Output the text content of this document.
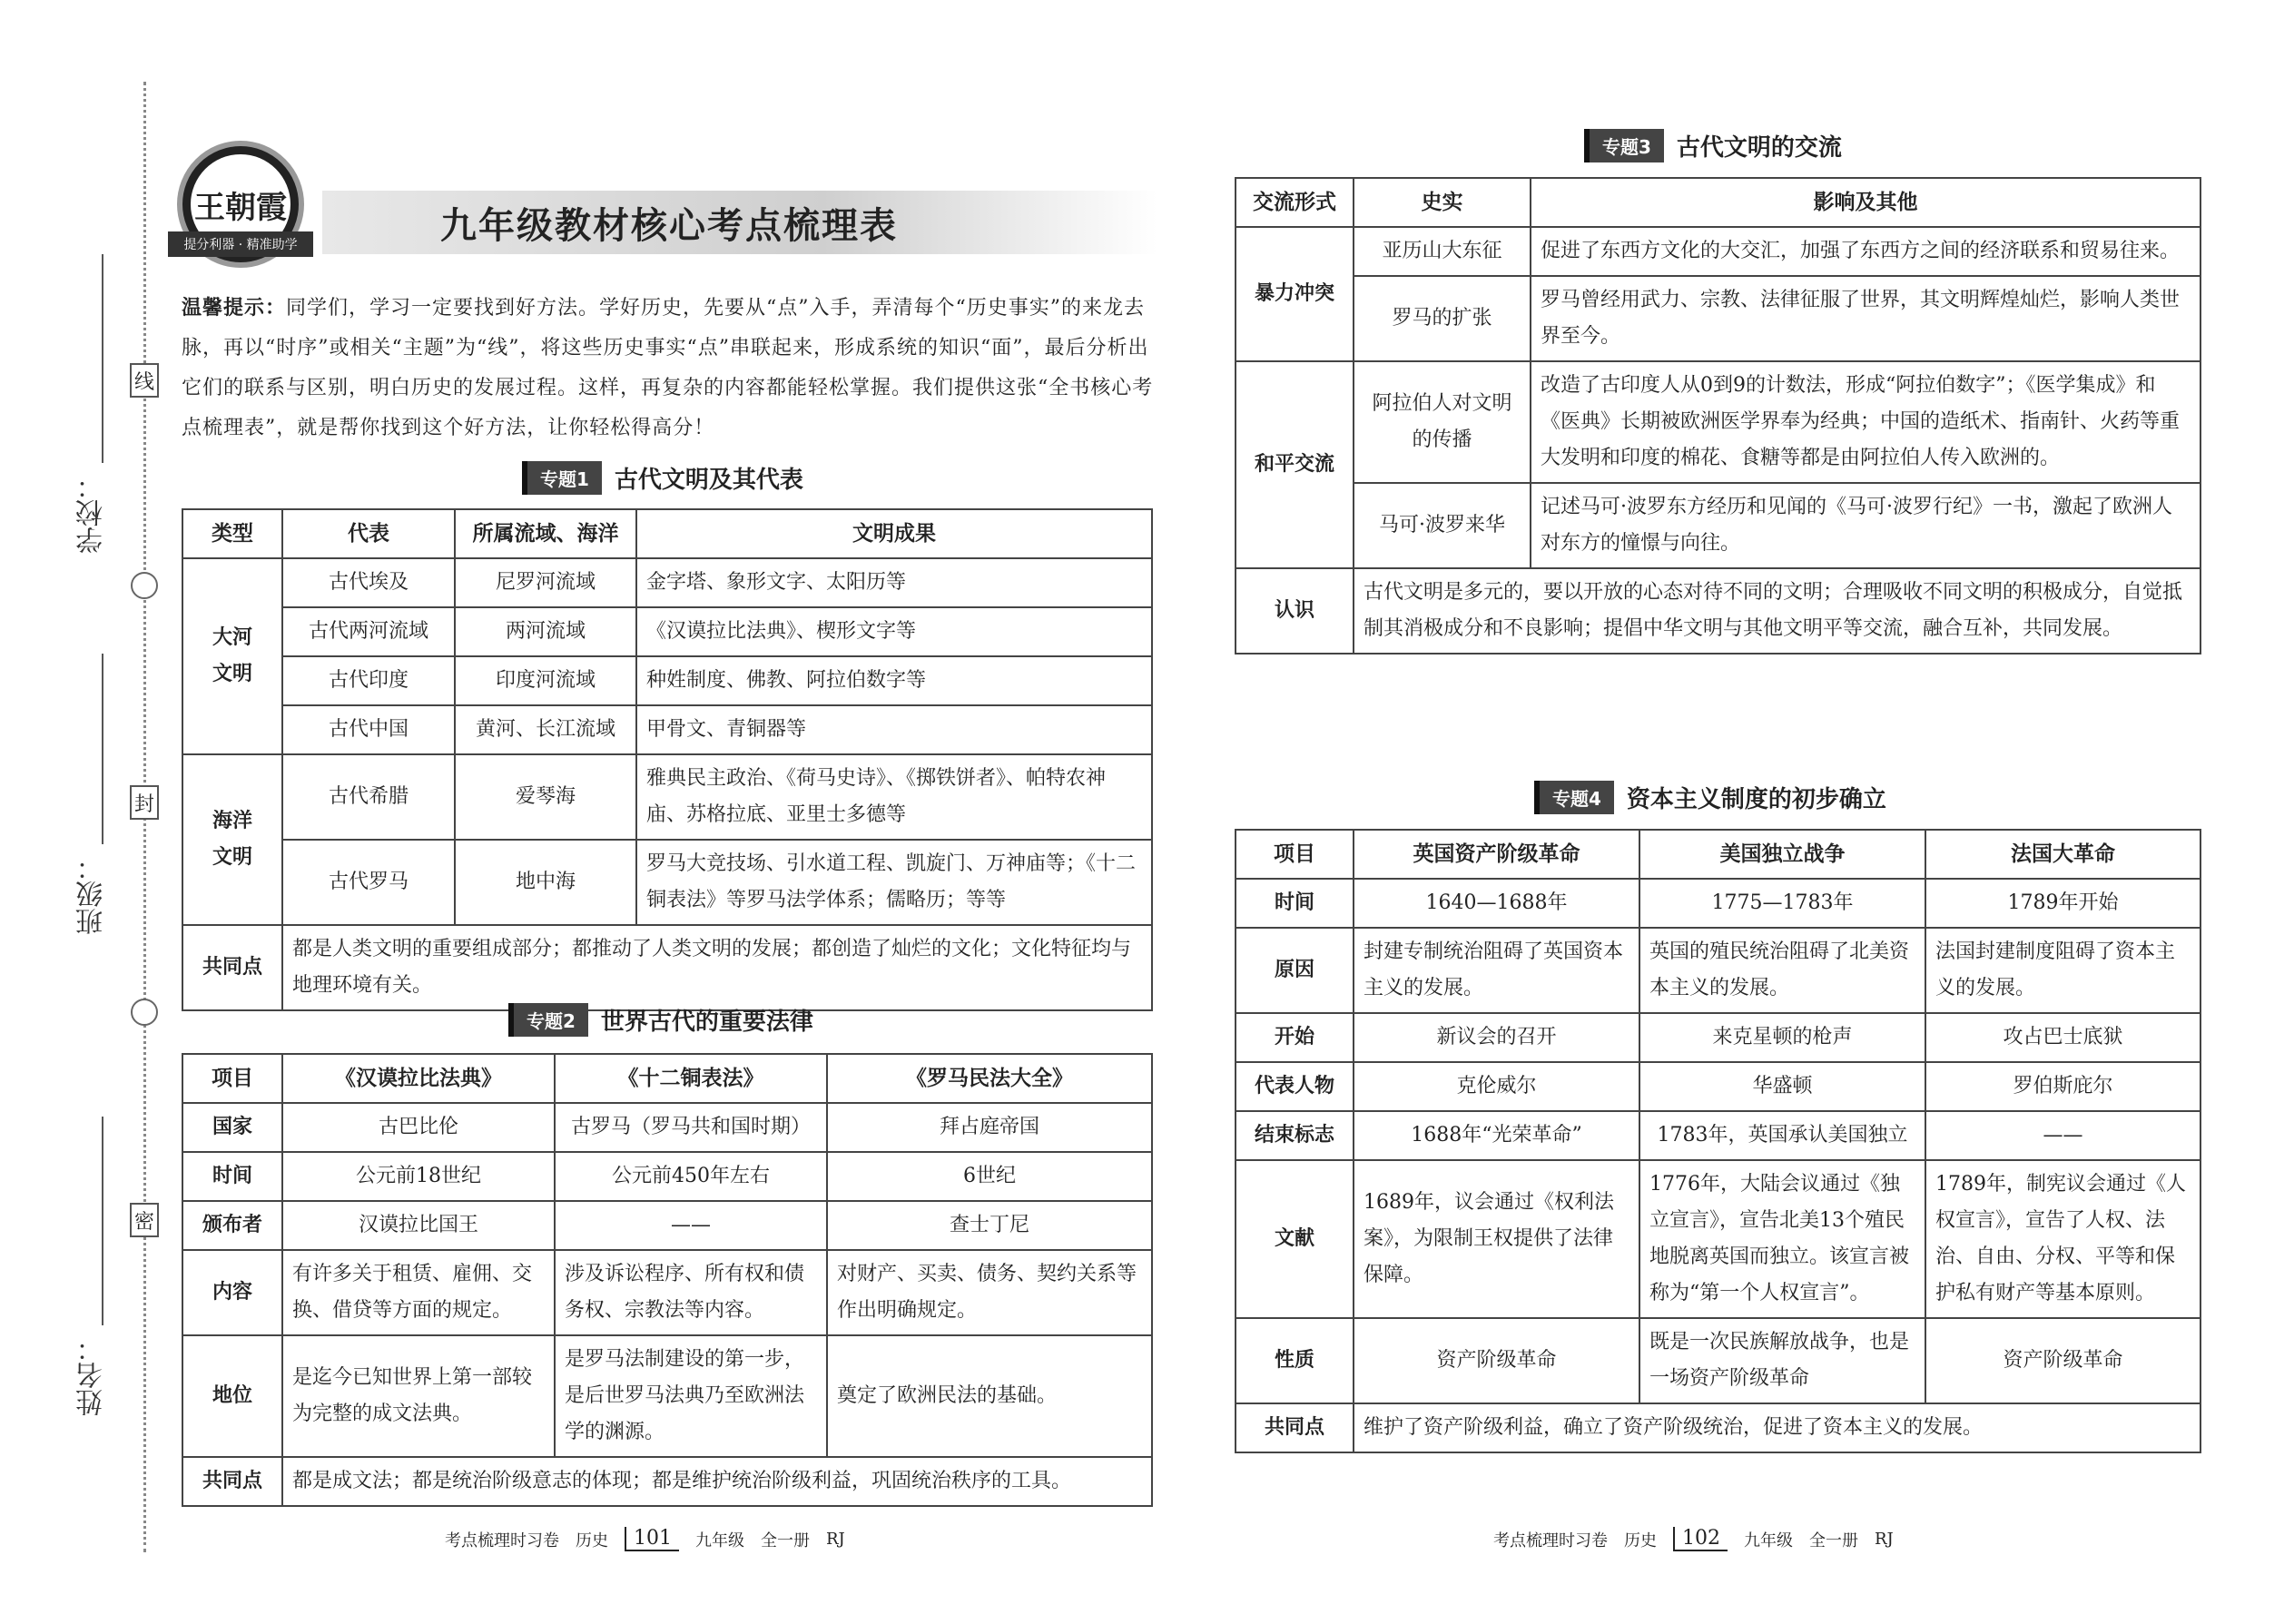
学校：
班级：
姓名：
线
封
密
王朝霞
提分利器 · 精准助学	九年级教材核心考点梳理表
温馨提示：同学们，学习一定要找到好方法。学好历史，先要从“点”入手，弄清每个“历史事实”的来龙去脉，再以“时序”或相关“主题”为“线”，将这些历史事实“点”串联起来，形成系统的知识“面”，最后分析出它们的联系与区别，明白历史的发展过程。这样，再复杂的内容都能轻松掌握。我们提供这张“全书核心考点梳理表”，就是帮你找到这个好方法，让你轻松得高分！
专题1	古代文明及其代表
类型	代表	所属流域、海洋	文明成果
大河文明	古代埃及	尼罗河流域	金字塔、象形文字、太阳历等
	古代两河流域	两河流域	《汉谟拉比法典》、楔形文字等
	古代印度	印度河流域	种姓制度、佛教、阿拉伯数字等
	古代中国	黄河、长江流域	甲骨文、青铜器等
海洋文明	古代希腊	爱琴海	雅典民主政治、《荷马史诗》、《掷铁饼者》、帕特农神庙、苏格拉底、亚里士多德等
	古代罗马	地中海	罗马大竞技场、引水道工程、凯旋门、万神庙等；《十二铜表法》等罗马法学体系；儒略历；等等
共同点	都是人类文明的重要组成部分；都推动了人类文明的发展；都创造了灿烂的文化；文化特征均与地理环境有关。		
专题2	世界古代的重要法律
项目	《汉谟拉比法典》	《十二铜表法》	《罗马民法大全》
国家	古巴比伦	古罗马（罗马共和国时期）	拜占庭帝国
时间	公元前18世纪	公元前450年左右	6世纪
颁布者	汉谟拉比国王	——	查士丁尼
内容	有许多关于租赁、雇佣、交换、借贷等方面的规定。	涉及诉讼程序、所有权和债务权、宗教法等内容。	对财产、买卖、债务、契约关系等作出明确规定。
地位	是迄今已知世界上第一部较为完整的成文法典。	是罗马法制建设的第一步，是后世罗马法典乃至欧洲法学的渊源。	奠定了欧洲民法的基础。
共同点	都是成文法；都是统治阶级意志的体现；都是维护统治阶级利益，巩固统治秩序的工具。		
专题3	古代文明的交流
交流形式	史实	影响及其他
暴力冲突	亚历山大东征	促进了东西方文化的大交汇，加强了东西方之间的经济联系和贸易往来。
	罗马的扩张	罗马曾经用武力、宗教、法律征服了世界，其文明辉煌灿烂，影响人类世界至今。
和平交流	阿拉伯人对文明的传播	改造了古印度人从0到9的计数法，形成“阿拉伯数字”；《医学集成》和《医典》长期被欧洲医学界奉为经典；中国的造纸术、指南针、火药等重大发明和印度的棉花、食糖等都是由阿拉伯人传入欧洲的。
	马可·波罗来华	记述马可·波罗东方经历和见闻的《马可·波罗行纪》一书，激起了欧洲人对东方的憧憬与向往。
认识	古代文明是多元的，要以开放的心态对待不同的文明；合理吸收不同文明的积极成分，自觉抵制其消极成分和不良影响；提倡中华文明与其他文明平等交流，融合互补，共同发展。	
专题4	资本主义制度的初步确立
项目	英国资产阶级革命	美国独立战争	法国大革命
时间	1640—1688年	1775—1783年	1789年开始
原因	封建专制统治阻碍了英国资本主义的发展。	英国的殖民统治阻碍了北美资本主义的发展。	法国封建制度阻碍了资本主义的发展。
开始	新议会的召开	来克星顿的枪声	攻占巴士底狱
代表人物	克伦威尔	华盛顿	罗伯斯庇尔
结束标志	1688年“光荣革命”	1783年，英国承认美国独立	——
文献	1689年，议会通过《权利法案》，为限制王权提供了法律保障。	1776年，大陆会议通过《独立宣言》，宣告北美13个殖民地脱离英国而独立。该宣言被称为“第一个人权宣言”。	1789年，制宪议会通过《人权宣言》，宣告了人权、法治、自由、分权、平等和保护私有财产等基本原则。
性质	资产阶级革命	既是一次民族解放战争，也是一场资产阶级革命	资产阶级革命
共同点	维护了资产阶级利益，确立了资产阶级统治，促进了资本主义的发展。		
考点梳理时习卷 历史	101	九年级 全一册 RJ	考点梳理时习卷 历史	102	九年级 全一册 RJ
